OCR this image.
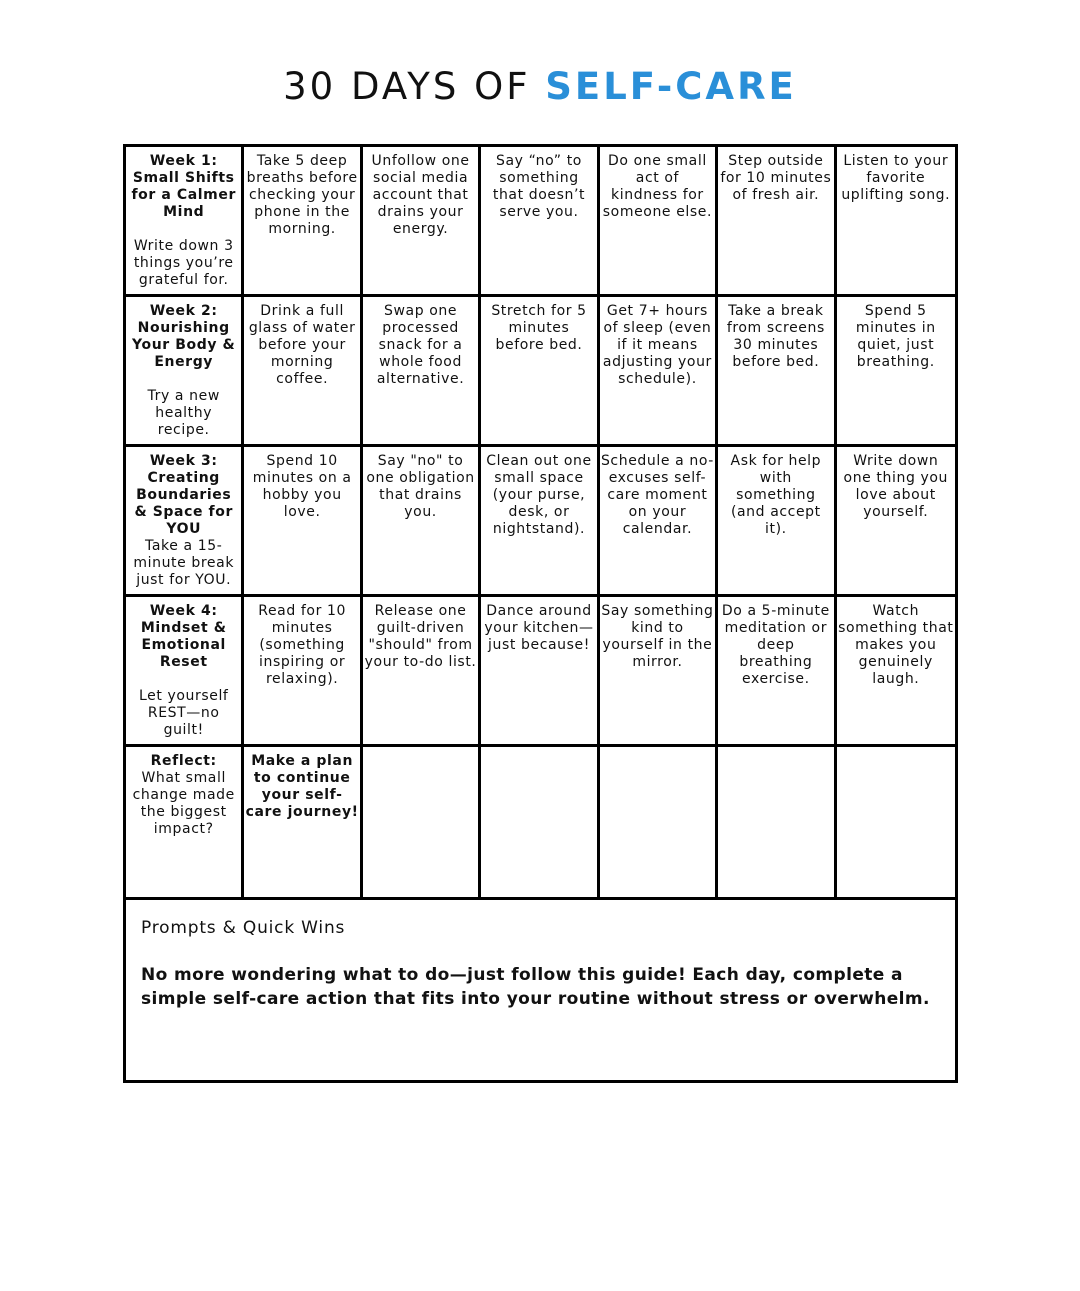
30 DAYS OF SELF-CARE
Week 1: Small Shifts for a Calmer Mind
Write down 3 things you’re grateful for.
Take 5 deep breaths before checking your phone in the morning.
Unfollow one social media account that drains your energy.
Say “no” to something that doesn’t serve you.
Do one small act of kindness for someone else.
Step outside for 10 minutes of fresh air.
Listen to your favorite uplifting song.
Week 2: Nourishing Your Body & Energy
Try a new healthy recipe.
Drink a full glass of water before your morning coffee.
Swap one processed snack for a whole food alternative.
Stretch for 5 minutes before bed.
Get 7+ hours of sleep (even if it means adjusting your schedule).
Take a break from screens 30 minutes before bed.
Spend 5 minutes in quiet, just breathing.
Week 3: Creating Boundaries & Space for YOU
Take a 15-minute break just for YOU.
Spend 10 minutes on a hobby you love.
Say "no" to one obligation that drains you.
Clean out one small space (your purse, desk, or nightstand).
Schedule a no-excuses self-care moment on your calendar.
Ask for help with something (and accept it).
Write down one thing you love about yourself.
Week 4: Mindset & Emotional Reset
Let yourself REST—no guilt!
Read for 10 minutes (something inspiring or relaxing).
Release one guilt-driven "should" from your to-do list.
Dance around your kitchen—just because!
Say something kind to yourself in the mirror.
Do a 5-minute meditation or deep breathing exercise.
Watch something that makes you genuinely laugh.
Reflect:
What small change made the biggest impact?
Make a plan to continue your self-care journey!

Prompts & Quick Wins

No more wondering what to do—just follow this guide! Each day, complete a simple self-care action that fits into your routine without stress or overwhelm.
